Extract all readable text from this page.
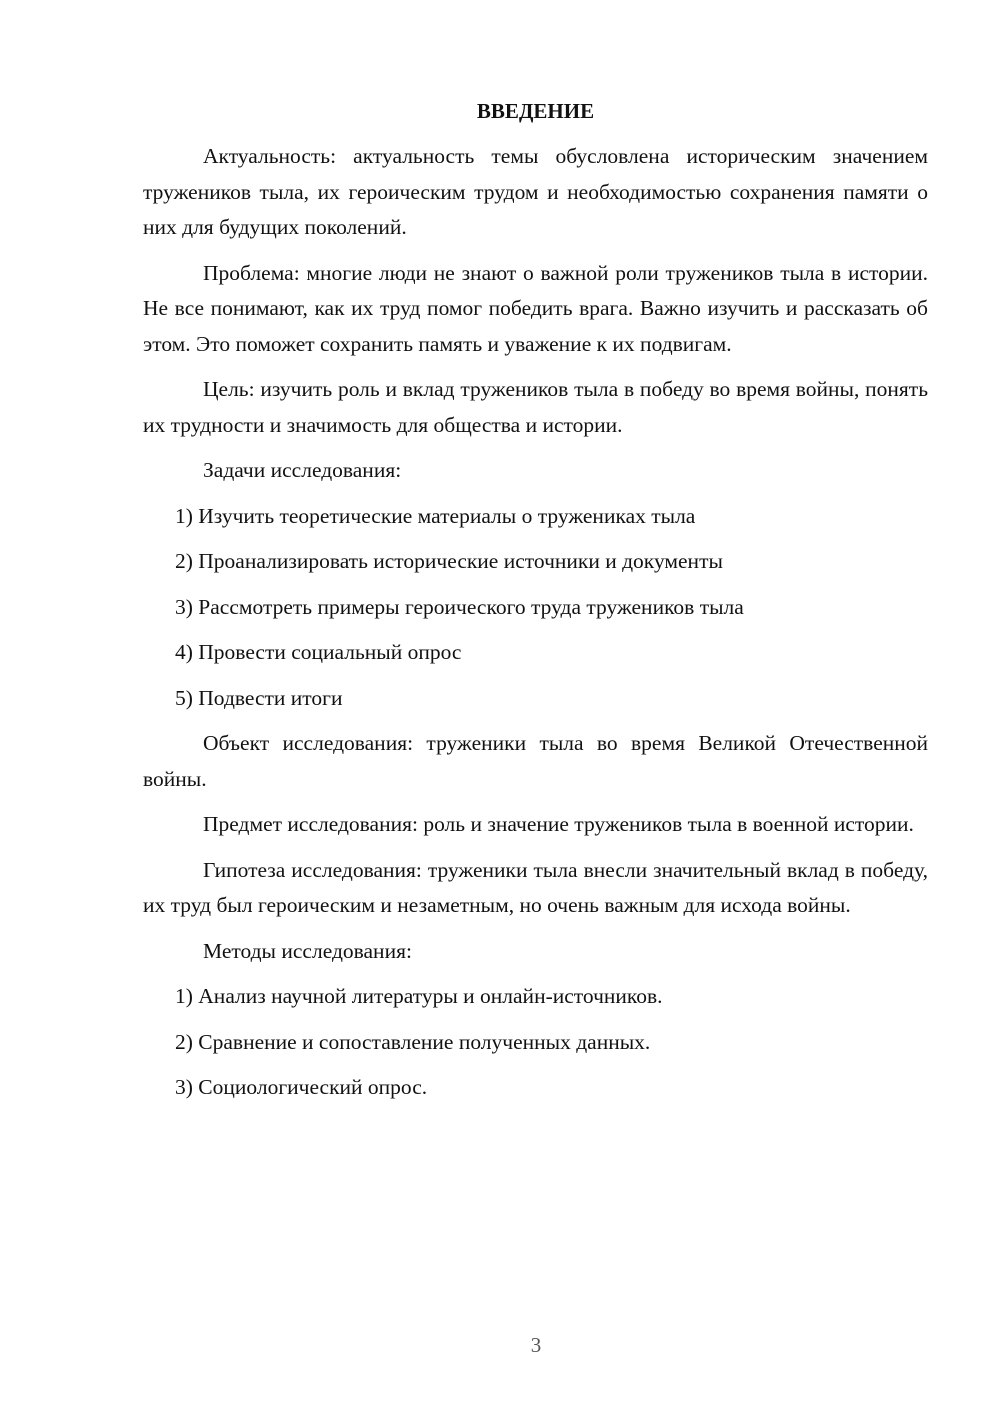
ВВЕДЕНИЕ

Актуальность: актуальность темы обусловлена историческим значением тружеников тыла, их героическим трудом и необходимостью сохранения памяти о них для будущих поколений.

Проблема: многие люди не знают о важной роли тружеников тыла в истории. Не все понимают, как их труд помог победить врага. Важно изучить и рассказать об этом. Это поможет сохранить память и уважение к их подвигам.

Цель: изучить роль и вклад тружеников тыла в победу во время войны, понять их трудности и значимость для общества и истории.

Задачи исследования:

1) Изучить теоретические материалы о тружениках тыла

2) Проанализировать исторические источники и документы

3) Рассмотреть примеры героического труда тружеников тыла

4) Провести социальный опрос

5) Подвести итоги

Объект исследования: труженики тыла во время Великой Отечественной войны.

Предмет исследования: роль и значение тружеников тыла в военной истории.

Гипотеза исследования: труженики тыла внесли значительный вклад в победу, их труд был героическим и незаметным, но очень важным для исхода войны.

Методы исследования:

1) Анализ научной литературы и онлайн-источников.

2) Сравнение и сопоставление полученных данных.

3) Социологический опрос.

3
